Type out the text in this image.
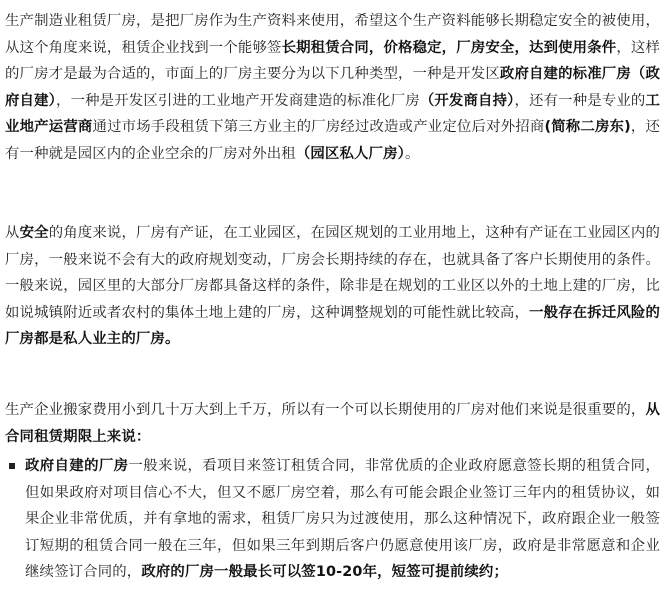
生产制造业租赁厂房，是把厂房作为生产资料来使用，希望这个生产资料能够长期稳定安全的被使用，从这个角度来说，租赁企业找到一个能够签长期租赁合同，价格稳定，厂房安全，达到使用条件，这样的厂房才是最为合适的，市面上的厂房主要分为以下几种类型，一种是开发区政府自建的标准厂房（政府自建），一种是开发区引进的工业地产开发商建造的标准化厂房（开发商自持），还有一种是专业的工业地产运营商通过市场手段租赁下第三方业主的厂房经过改造或产业定位后对外招商(简称二房东)，还有一种就是园区内的企业空余的厂房对外出租（园区私人厂房）。

从安全的角度来说，厂房有产证，在工业园区，在园区规划的工业用地上，这种有产证在工业园区内的厂房，一般来说不会有大的政府规划变动，厂房会长期持续的存在，也就具备了客户长期使用的条件。一般来说，园区里的大部分厂房都具备这样的条件，除非是在规划的工业区以外的土地上建的厂房，比如说城镇附近或者农村的集体土地上建的厂房，这种调整规划的可能性就比较高，一般存在拆迁风险的厂房都是私人业主的厂房。

生产企业搬家费用小到几十万大到上千万，所以有一个可以长期使用的厂房对他们来说是很重要的，从合同租赁期限上来说：

政府自建的厂房一般来说，看项目来签订租赁合同，非常优质的企业政府愿意签长期的租赁合同，但如果政府对项目信心不大，但又不愿厂房空着，那么有可能会跟企业签订三年内的租赁协议，如果企业非常优质，并有拿地的需求，租赁厂房只为过渡使用，那么这种情况下，政府跟企业一般签订短期的租赁合同一般在三年，但如果三年到期后客户仍愿意使用该厂房，政府是非常愿意和企业继续签订合同的，政府的厂房一般最长可以签10-20年，短签可提前续约；
